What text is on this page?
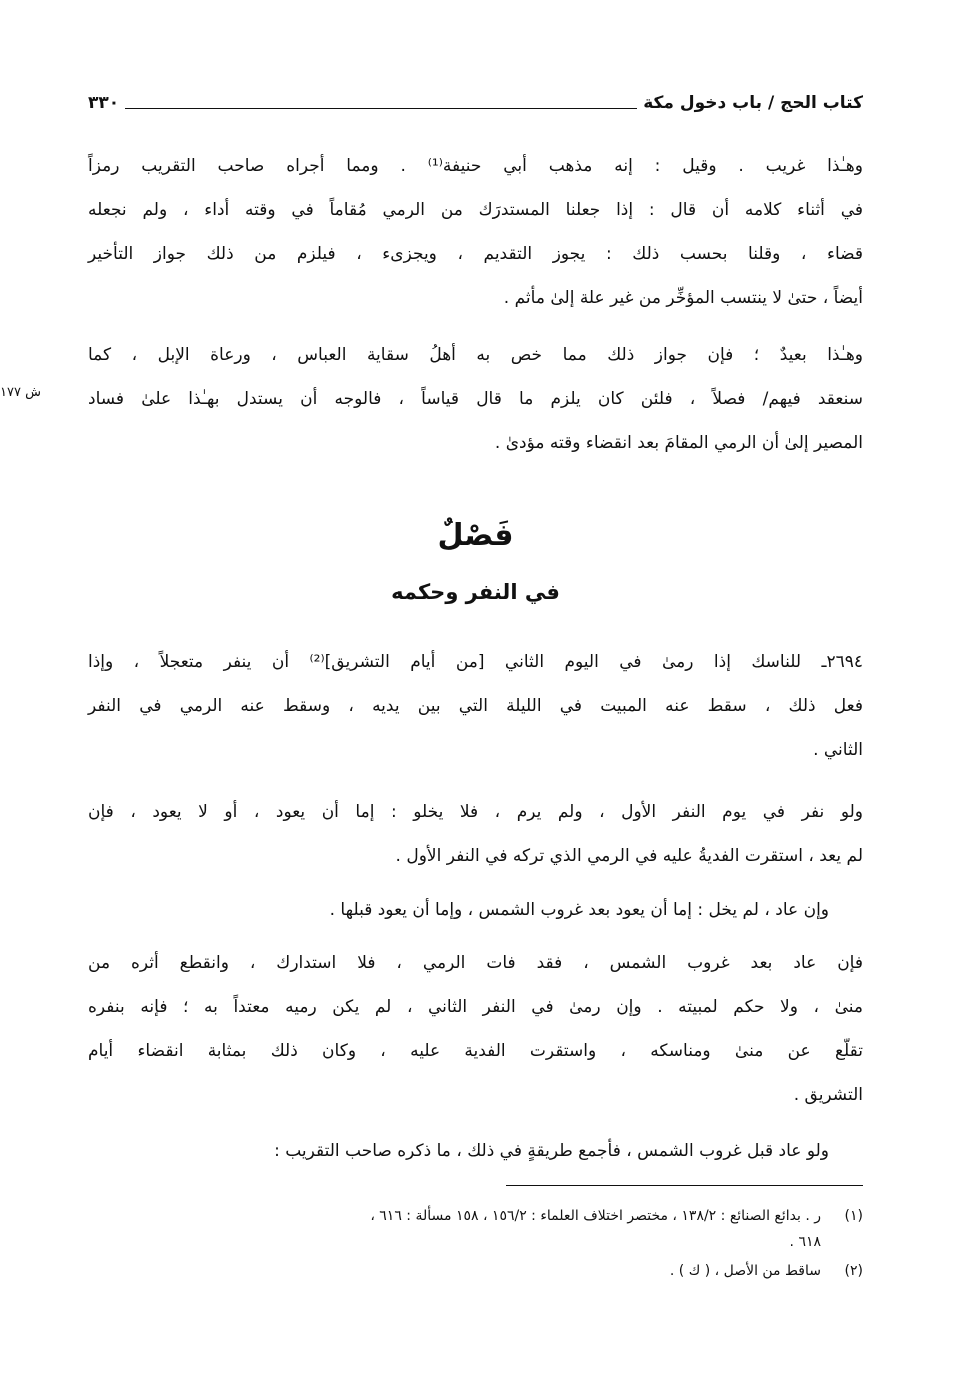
كتاب الحج / باب دخول مكة
٣٣٠
وهـٰذا غريب . وقيل : إنه مذهب أبي حنيفة⁽¹⁾ . ومما أجراه صاحب التقريب رمزاً
في أثناء كلامه أن قال : إذا جعلنا المستدرَك من الرمي مُقاماً في وقته أداء ، ولم نجعله
قضاء ، وقلنا بحسب ذلك : يجوز التقديم ، ويجزىء ، فيلزم من ذلك جواز التأخير
أيضاً ، حتىٰ لا ينتسب المؤخِّر من غير علة إلىٰ مأثم .
وهـٰذا بعيدٌ ؛ فإن جواز ذلك مما خص به أهلُ سقاية العباس ، ورعاة الإبل ، كما
سنعقد فيهم/ فصلاً ، فلئن كان يلزم ما قال قياساً ، فالوجه أن يستدل بهـٰذا علىٰ فساد
المصير إلىٰ أن الرمي المقامَ بعد انقضاء وقته مؤدىٰ .
ش ١٧٧
فَصْلٌ
في النفر وحكمه
٢٦٩٤ـ للناسك إذا رمىٰ في اليوم الثاني [من أيام التشريق]⁽²⁾ أن ينفر متعجلاً ، وإذا
فعل ذلك ، سقط عنه المبيت في الليلة التي بين يديه ، وسقط عنه الرمي في النفر
الثاني .
ولو نفر في يوم النفر الأول ، ولم يرم ، فلا يخلو : إما أن يعود ، أو لا يعود ، فإن
لم يعد ، استقرت الفديةُ عليه في الرمي الذي تركه في النفر الأول .
وإن عاد ، لم يخل : إما أن يعود بعد غروب الشمس ، وإما أن يعود قبلها .
فإن عاد بعد غروب الشمس ، فقد فات الرمي ، فلا استدارك ، وانقطع أثره من
منىٰ ، ولا حكم لمبيته . وإن رمىٰ في النفر الثاني ، لم يكن رميه معتداً به ؛ فإنه بنفره
تقلّع عن منىٰ ومناسكه ، واستقرت الفدية عليه ، وكان ذلك بمثابة انقضاء أيام
التشريق .
ولو عاد قبل غروب الشمس ، فأجمع طريقةٍ في ذلك ، ما ذكره صاحب التقريب :
(١)ر . بدائع الصنائع : ١٣٨/٢ ، مختصر اختلاف العلماء : ١٥٦/٢ ، ١٥٨ مسألة : ٦١٦ ،
٦١٨ .
(٢)ساقط من الأصل ، ( ك ) .
